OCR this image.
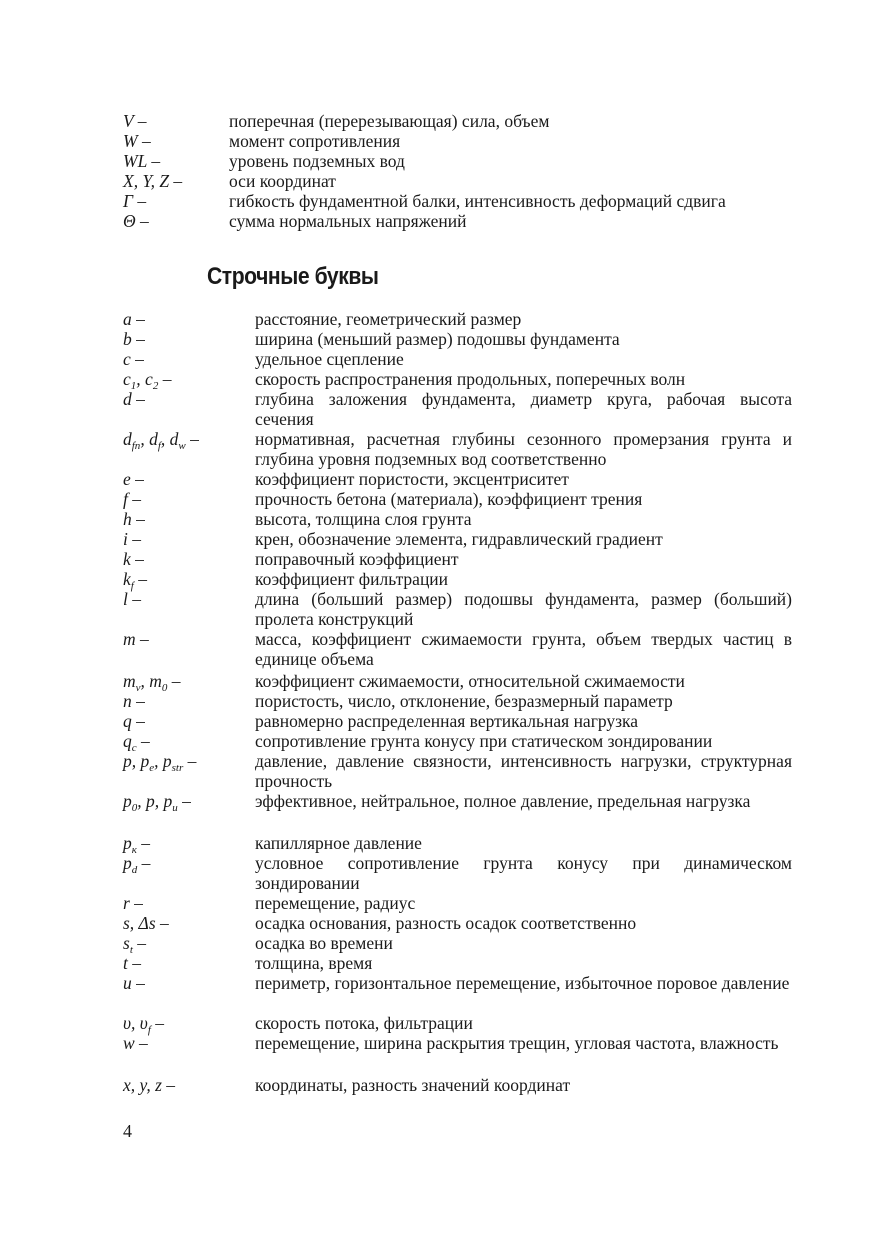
V –	поперечная (перерезывающая) сила, объем
W –	момент сопротивления
WL –	уровень подземных вод
X, Y, Z –	оси координат
Γ –	гибкость фундаментной балки, интенсивность деформаций сдвига
Θ –	сумма нормальных напряжений
Строчные буквы
a –	расстояние, геометрический размер
b –	ширина (меньший размер) подошвы фундамента
c –	удельное сцепление
$c_1$, $c_2$ –	скорость распространения продольных, поперечных волн
d –	глубина заложения фундамента, диаметр круга, рабочая высота сечения
$d_{fn}$, $d_f$, $d_w$ –	нормативная, расчетная глубины сезонного промерзания грунта и глубина уровня подземных вод соответственно
e –	коэффициент пористости, эксцентриситет
f –	прочность бетона (материала), коэффициент трения
h –	высота, толщина слоя грунта
i –	крен, обозначение элемента, гидравлический градиент
k –	поправочный коэффициент
$k_f$ –	коэффициент фильтрации
l –	длина (больший размер) подошвы фундамента, размер (больший) пролета конструкций
m –	масса, коэффициент сжимаемости грунта, объем твердых частиц в единице объема
$m_v$, $m_0$ –	коэффициент сжимаемости, относительной сжимаемости
n –	пористость, число, отклонение, безразмерный параметр
q –	равномерно распределенная вертикальная нагрузка
$q_c$ –	сопротивление грунта конусу при статическом зондировании
p, $p_e$, $p_{str}$ –	давление, давление связности, интенсивность нагрузки, структурная прочность
$p_0$, p, $p_u$ –	эффективное, нейтральное, полное давление, предельная нагрузка
$p_к$ –	капиллярное давление
$p_d$ –	условное сопротивление грунта конусу при динамическом зондировании
r –	перемещение, радиус
s, Δs –	осадка основания, разность осадок соответственно
$s_t$ –	осадка во времени
t –	толщина, время
u –	периметр, горизонтальное перемещение, избыточное поровое давление
υ, $\upsilon_f$ –	скорость потока, фильтрации
w –	перемещение, ширина раскрытия трещин, угловая частота, влажность
x, y, z –	координаты, разность значений координат
4
